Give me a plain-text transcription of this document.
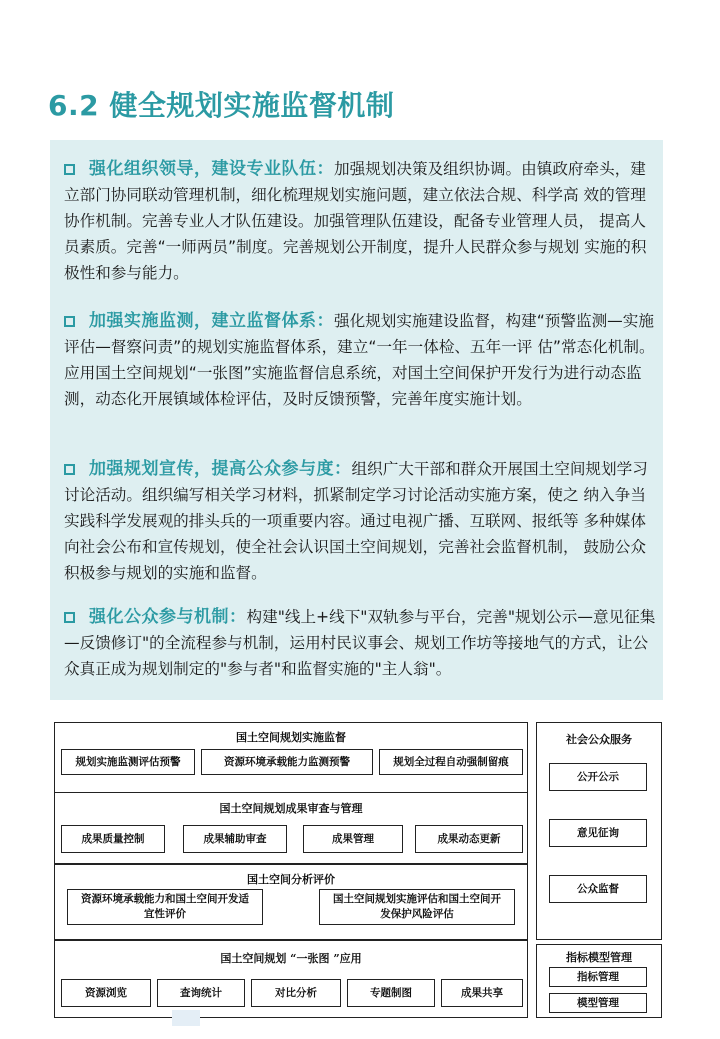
6.2 健全规划实施监督机制
强化组织领导，建设专业队伍：加强规划决策及组织协调。由镇政府牵头，建立部门协同联动管理机制，细化梳理规划实施问题，建立依法合规、科学高 效的管理协作机制。完善专业人才队伍建设。加强管理队伍建设，配备专业管理人员， 提高人员素质。完善“一师两员”制度。完善规划公开制度，提升人民群众参与规划 实施的积极性和参与能力。
加强实施监测，建立监督体系：强化规划实施建设监督，构建“预警监测—实施评估—督察问责”的规划实施监督体系，建立“一年一体检、五年一评 估”常态化机制。应用国土空间规划“一张图”实施监督信息系统，对国土空间保护开发行为进行动态监测，动态化开展镇域体检评估，及时反馈预警，完善年度实施计划。
加强规划宣传，提高公众参与度：组织广大干部和群众开展国土空间规划学习讨论活动。组织编写相关学习材料，抓紧制定学习讨论活动实施方案，使之 纳入争当实践科学发展观的排头兵的一项重要内容。通过电视广播、互联网、报纸等 多种媒体向社会公布和宣传规划，使全社会认识国土空间规划，完善社会监督机制， 鼓励公众积极参与规划的实施和监督。
强化公众参与机制：构建"线上+线下"双轨参与平台，完善"规划公示—意见征集—反馈修订"的全流程参与机制，运用村民议事会、规划工作坊等接地气的方式，让公众真正成为规划制定的"参与者"和监督实施的"主人翁"。
国土空间规划实施监督
规划实施监测评估预警	资源环境承载能力监测预警	规划全过程自动强制留痕
国土空间规划成果审查与管理
成果质量控制	成果辅助审查	成果管理	成果动态更新
国土空间分析评价
资源环境承载能力和国土空间开发适宜性评价
国土空间规划实施评估和国土空间开发保护风险评估
国土空间规划 “一张图 ”应用
资源浏览	查询统计	对比分析	专题制图	成果共享
社会公众服务
公开公示
意见征询
公众监督
指标模型管理
指标管理
模型管理
